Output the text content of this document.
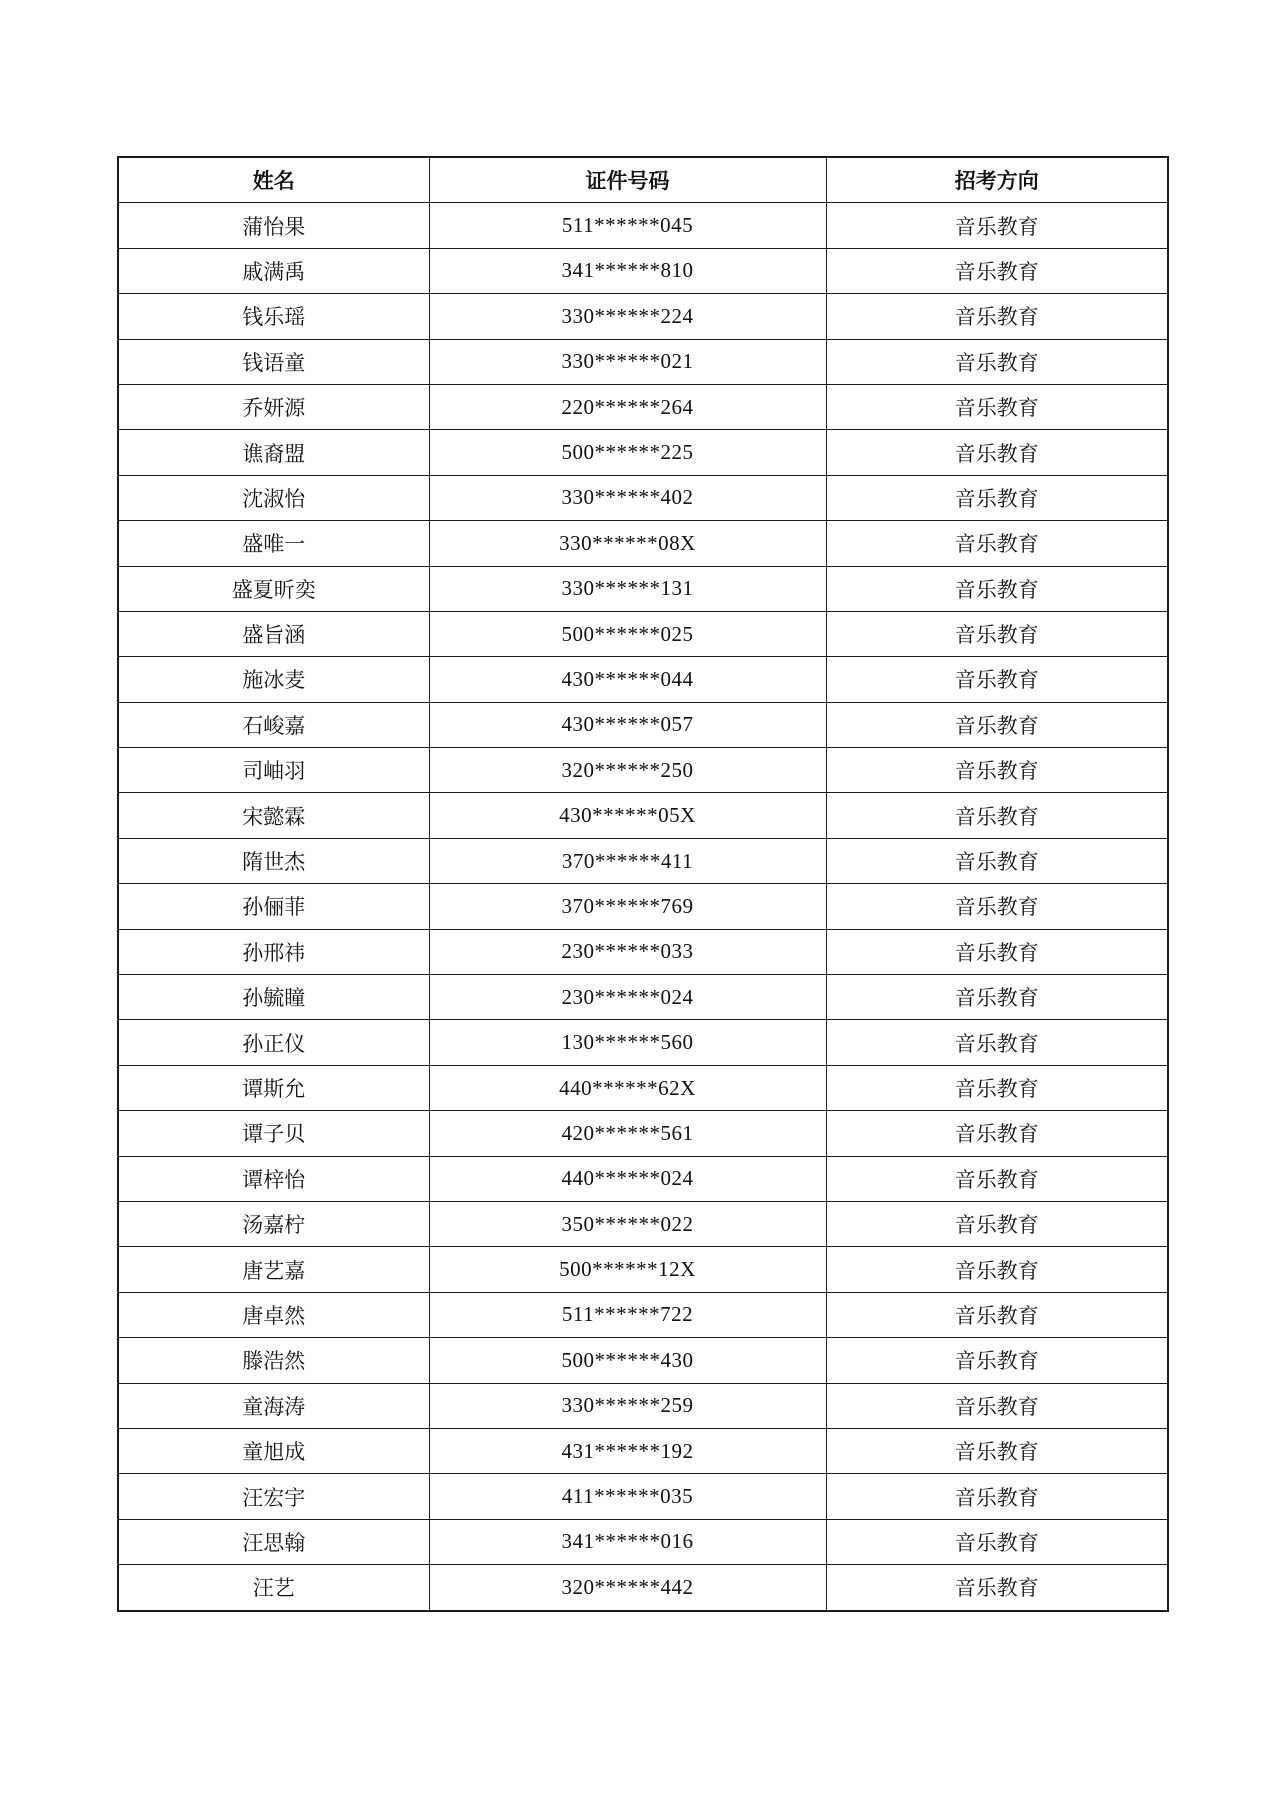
姓名	证件号码	招考方向
蒲怡果	511******045	音乐教育
戚满禹	341******810	音乐教育
钱乐瑶	330******224	音乐教育
钱语童	330******021	音乐教育
乔妍源	220******264	音乐教育
谯裔盟	500******225	音乐教育
沈淑怡	330******402	音乐教育
盛唯一	330******08X	音乐教育
盛夏昕奕	330******131	音乐教育
盛旨涵	500******025	音乐教育
施冰麦	430******044	音乐教育
石峻嘉	430******057	音乐教育
司岫羽	320******250	音乐教育
宋懿霖	430******05X	音乐教育
隋世杰	370******411	音乐教育
孙俪菲	370******769	音乐教育
孙邢祎	230******033	音乐教育
孙毓瞳	230******024	音乐教育
孙正仪	130******560	音乐教育
谭斯允	440******62X	音乐教育
谭子贝	420******561	音乐教育
谭梓怡	440******024	音乐教育
汤嘉柠	350******022	音乐教育
唐艺嘉	500******12X	音乐教育
唐卓然	511******722	音乐教育
滕浩然	500******430	音乐教育
童海涛	330******259	音乐教育
童旭成	431******192	音乐教育
汪宏宇	411******035	音乐教育
汪思翰	341******016	音乐教育
汪艺	320******442	音乐教育
